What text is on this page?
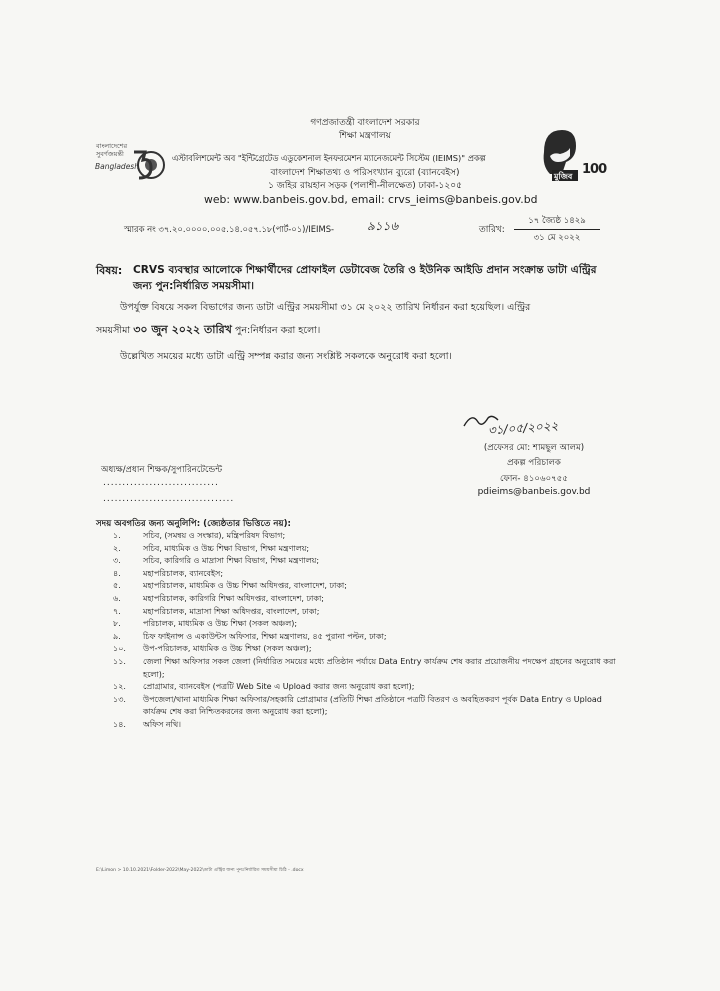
বাংলাদেশের
সুবর্ণজয়ন্তী
Bangladesh
মুজিব 100
গণপ্রজাতন্ত্রী বাংলাদেশ সরকার
শিক্ষা মন্ত্রণালয়
এস্টাবলিশমেন্ট অব "ইন্টিগ্রেটেড এডুকেশনাল ইনফরমেশন ম্যানেজমেন্ট সিস্টেম (IEIMS)" প্রকল্প
বাংলাদেশ শিক্ষাতথ্য ও পরিসংখ্যান ব্যুরো (ব্যানবেইস)
১ জহির রায়হান সড়ক (পলাশী-নীলক্ষেত) ঢাকা-১২০৫
web: www.banbeis.gov.bd, email: crvs_ieims@banbeis.gov.bd
স্মারক নং ৩৭.২০.০০০০.০০৫.১৪.০৫৭.১৮(পার্ট-০১)/IEIMS-	৯১১৬	তারিখ:
১৭ জ্যৈষ্ঠ ১৪২৯
৩১ মে ২০২২
বিষয়: CRVS ব্যবস্থার আলোকে শিক্ষার্থীদের প্রোফাইল ডেটাবেজ তৈরি ও ইউনিক আইডি প্রদান সংক্রান্ত ডাটা এন্ট্রির
জন্য পুন:নির্ধারিত সময়সীমা।
উপর্যুক্ত বিষয়ে সকল বিভাগের জন্য ডাটা এন্ট্রির সময়সীমা ৩১ মে ২০২২ তারিখ নির্ধারন করা হয়েছিল। এন্ট্রির
সময়সীমা ৩০ জুন ২০২২ তারিখ পুন:নির্ধারন করা হলো।
উল্লেখিত সময়ের মধ্যে ডাটা এন্ট্রি সম্পন্ন করার জন্য সংশ্লিষ্ট সকলকে অনুরোধ করা হলো।
৩১/০৫/২০২২
(প্রফেসর মো: শামছুল আলম)
প্রকল্প পরিচালক
ফোন- ৪১০৬০৭৫৫
pdieims@banbeis.gov.bd
অধ্যক্ষ/প্রধান শিক্ষক/সুপারিনটেন্ডেন্ট
..............................
..................................
সদয় অবগতির জন্য অনুলিপি: (জ্যেষ্ঠতার ভিত্তিতে নয়):
১.	সচিব, (সমন্বয় ও সংস্কার), মন্ত্রিপরিষদ বিভাগ;
২.	সচিব, মাধ্যমিক ও উচ্চ শিক্ষা বিভাগ, শিক্ষা মন্ত্রণালয়;
৩.	সচিব, কারিগরি ও মাদ্রাসা শিক্ষা বিভাগ, শিক্ষা মন্ত্রণালয়;
৪.	মহাপরিচালক, ব্যানবেইস;
৫.	মহাপরিচালক, মাধ্যমিক ও উচ্চ শিক্ষা অধিদপ্তর, বাংলাদেশ, ঢাকা;
৬.	মহাপরিচালক, কারিগরি শিক্ষা অধিদপ্তর, বাংলাদেশ, ঢাকা;
৭.	মহাপরিচালক, মাদ্রাসা শিক্ষা অধিদপ্তর, বাংলাদেশ, ঢাকা;
৮.	পরিচালক, মাধ্যমিক ও উচ্চ শিক্ষা (সকল অঞ্চল);
৯.	চিফ ফাইনান্স ও একাউন্টস অফিসার, শিক্ষা মন্ত্রণালয়, ৪৫ পুরানা পল্টন, ঢাকা;
১০.	উপ-পরিচালক, মাধ্যমিক ও উচ্চ শিক্ষা (সকল অঞ্চল);
১১.	জেলা শিক্ষা অফিসার সকল জেলা (নির্ধারিত সময়ের মধ্যে প্রতিষ্ঠান পর্যায়ে Data Entry কার্যক্রম শেষ করার প্রয়োজনীয় পদক্ষেপ গ্রহনের অনুরোধ করা হলো);
১২.	প্রোগ্রামার, ব্যানবেইস (পত্রটি Web Site এ Upload করার জন্য অনুরোধ করা হলো);
১৩.	উপজেলা/থানা মাধ্যমিক শিক্ষা অফিসার/সহকারি প্রোগ্রামার (প্রতিটি শিক্ষা প্রতিষ্ঠানে পত্রটি বিতরণ ও অবহিতকরণ পূর্বক Data Entry ও Upload কার্যক্রম শেষ করা নিশ্চিতকরনের জন্য অনুরোধ করা হলো);
১৪.	অফিস নথি।
E:\Limon > 10.10.2021\Folder-2022\May-2022\ডাটা এন্ট্রির জন্য পুনঃনির্ধারিত সময়সীমা চিঠি - .docx
